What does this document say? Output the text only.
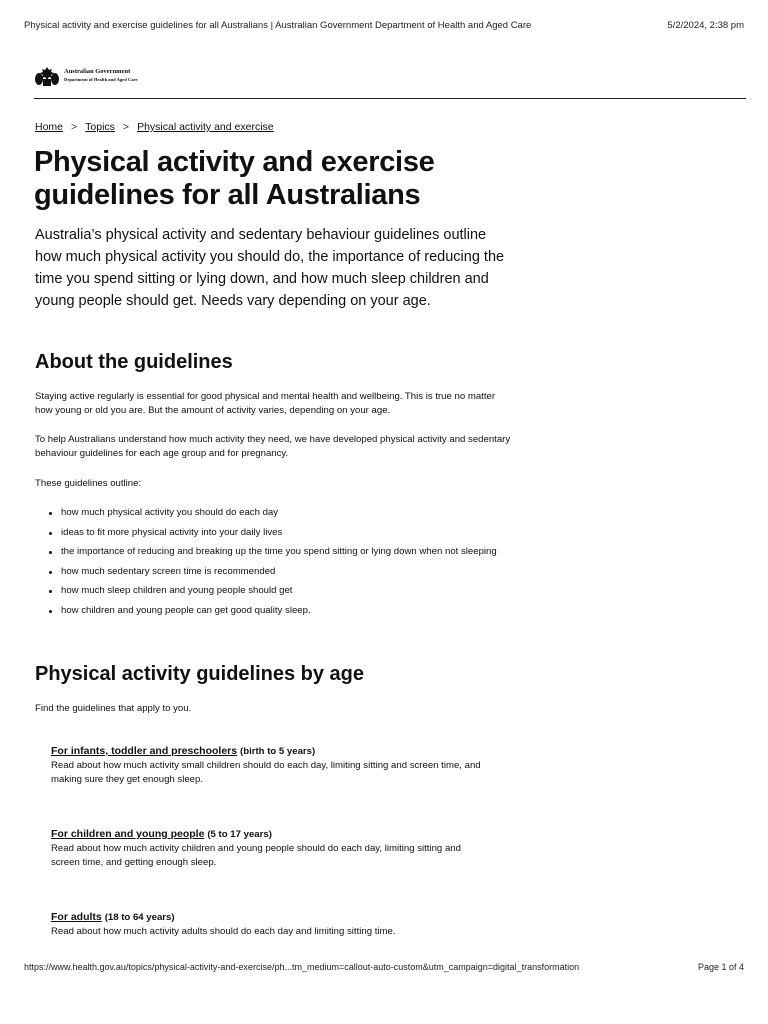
Physical activity and exercise guidelines for all Australians | Australian Government Department of Health and Aged Care	5/2/2024, 2:38 pm
Australian Government
Department of Health and Aged Care
Home > Topics > Physical activity and exercise
Physical activity and exercise guidelines for all Australians

Australia’s physical activity and sedentary behaviour guidelines outline how much physical activity you should do, the importance of reducing the time you spend sitting or lying down, and how much sleep children and young people should get. Needs vary depending on your age.

About the guidelines

Staying active regularly is essential for good physical and mental health and wellbeing. This is true no matter how young or old you are. But the amount of activity varies, depending on your age.

To help Australians understand how much activity they need, we have developed physical activity and sedentary behaviour guidelines for each age group and for pregnancy.

These guidelines outline:

how much physical activity you should do each day
ideas to fit more physical activity into your daily lives
the importance of reducing and breaking up the time you spend sitting or lying down when not sleeping
how much sedentary screen time is recommended
how much sleep children and young people should get
how children and young people can get good quality sleep.
Physical activity guidelines by age

Find the guidelines that apply to you.

For infants, toddler and preschoolers (birth to 5 years)

Read about how much activity small children should do each day, limiting sitting and screen time, and making sure they get enough sleep.

For children and young people (5 to 17 years)

Read about how much activity children and young people should do each day, limiting sitting and screen time, and getting enough sleep.

For adults (18 to 64 years)

Read about how much activity adults should do each day and limiting sitting time.

https://www.health.gov.au/topics/physical-activity-and-exercise/ph...tm_medium=callout-auto-custom&utm_campaign=digital_transformation	Page 1 of 4
